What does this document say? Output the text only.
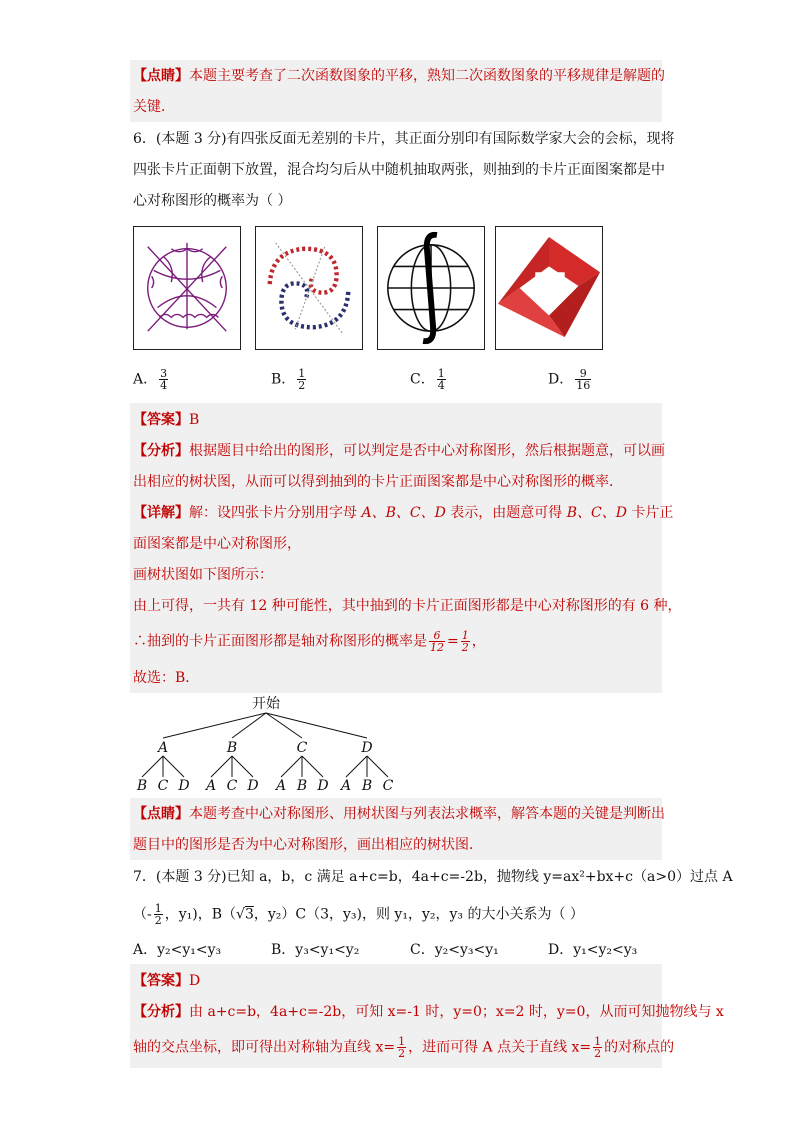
【点睛】本题主要考查了二次函数图象的平移，熟知二次函数图象的平移规律是解题的
关键．
6．(本题 3 分)有四张反面无差别的卡片，其正面分别印有国际数学家大会的会标，现将
四张卡片正面朝下放置，混合均匀后从中随机抽取两张，则抽到的卡片正面图案都是中
心对称图形的概率为（ ）
A． $\frac{3}{4}$	B． $\frac{1}{2}$	C． $\frac{1}{4}$	D． $\frac{9}{16}$
【答案】B
【分析】根据题目中给出的图形，可以判定是否中心对称图形，然后根据题意，可以画
出相应的树状图，从而可以得到抽到的卡片正面图案都是中心对称图形的概率．
【详解】解：设四张卡片分别用字母 A、B、C、D 表示，由题意可得 B、C、D 卡片正
面图案都是中心对称图形，
画树状图如下图所示：
由上可得，一共有 12 种可能性，其中抽到的卡片正面图形都是中心对称图形的有 6 种，
∴抽到的卡片正面图形都是轴对称图形的概率是 $\frac{6}{12} = \frac{1}{2}$ ，
故选：B．
开始
A
B C D
B
A C D
C
A B D
D
A B C
【点睛】本题考查中心对称图形、用树状图与列表法求概率，解答本题的关键是判断出
题目中的图形是否为中心对称图形，画出相应的树状图．
7．(本题 3 分)已知 a，b，c 满足 a+c=b，4a+c=-2b，抛物线 y=ax²+bx+c（a>0）过点 A
（- $\frac{1}{2}$ ，y₁)，B（√3，y₂）C（3，y₃)，则 y₁，y₂，y₃ 的大小关系为（ ）
A．y₂<y₁<y₃	B．y₃<y₁<y₂	C．y₂<y₃<y₁	D．y₁<y₂<y₃
【答案】D
【分析】由 a+c=b，4a+c=-2b，可知 x=-1 时，y=0；x=2 时，y=0，从而可知抛物线与 x
轴的交点坐标，即可得出对称轴为直线 $x= \frac{1}{2}$ ，进而可得 A 点关于直线 $x= \frac{1}{2}$ 的对称点的
